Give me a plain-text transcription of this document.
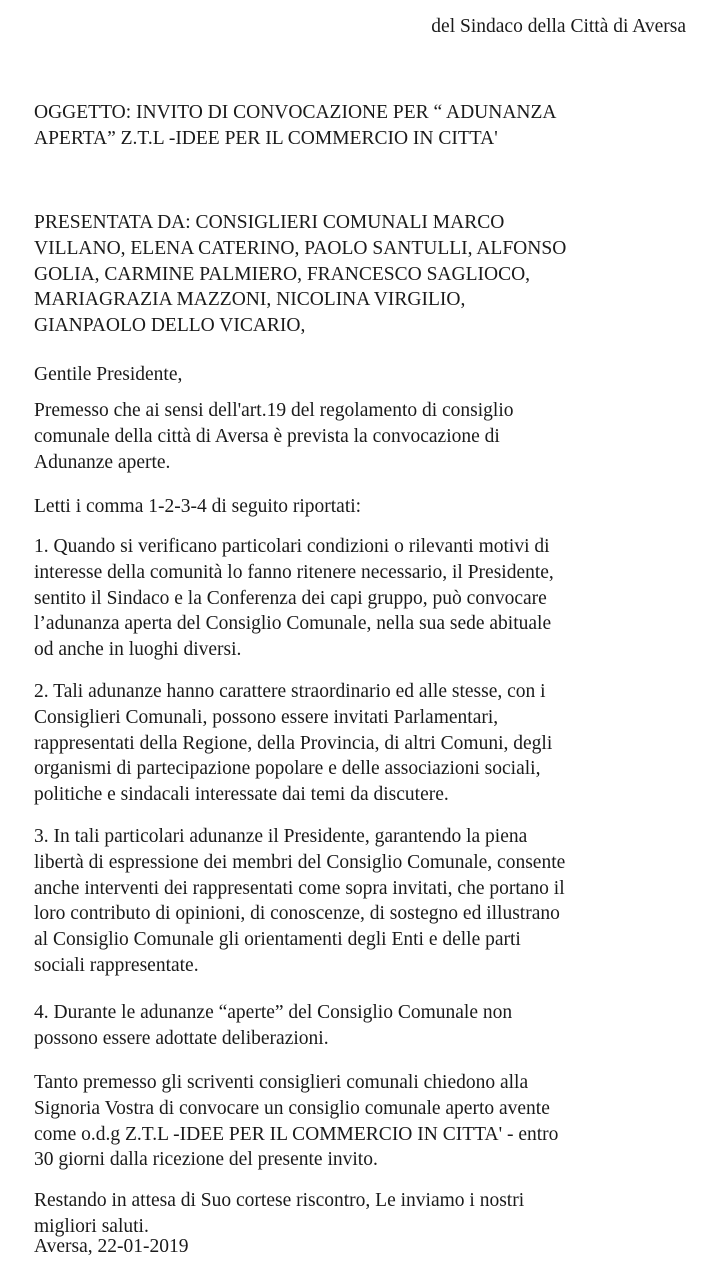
del Sindaco della Città di Aversa
OGGETTO: INVITO DI CONVOCAZIONE PER “ ADUNANZA
APERTA” Z.T.L -IDEE PER IL COMMERCIO IN CITTA'
PRESENTATA DA: CONSIGLIERI COMUNALI MARCO
VILLANO, ELENA CATERINO, PAOLO SANTULLI, ALFONSO
GOLIA, CARMINE PALMIERO, FRANCESCO SAGLIOCO,
MARIAGRAZIA MAZZONI, NICOLINA VIRGILIO,
GIANPAOLO DELLO VICARIO,
Gentile Presidente,
Premesso che ai sensi dell'art.19 del regolamento di consiglio
comunale della città di Aversa è prevista la convocazione di
Adunanze aperte.
Letti i comma 1-2-3-4 di seguito riportati:
1. Quando si verificano particolari condizioni o rilevanti motivi di
interesse della comunità lo fanno ritenere necessario, il Presidente,
sentito il Sindaco e la Conferenza dei capi gruppo, può convocare
l’adunanza aperta del Consiglio Comunale, nella sua sede abituale
od anche in luoghi diversi.
2. Tali adunanze hanno carattere straordinario ed alle stesse, con i
Consiglieri Comunali, possono essere invitati Parlamentari,
rappresentati della Regione, della Provincia, di altri Comuni, degli
organismi di partecipazione popolare e delle associazioni sociali,
politiche e sindacali interessate dai temi da discutere.
3. In tali particolari adunanze il Presidente, garantendo la piena
libertà di espressione dei membri del Consiglio Comunale, consente
anche interventi dei rappresentati come sopra invitati, che portano il
loro contributo di opinioni, di conoscenze, di sostegno ed illustrano
al Consiglio Comunale gli orientamenti degli Enti e delle parti
sociali rappresentate.
4. Durante le adunanze “aperte” del Consiglio Comunale non
possono essere adottate deliberazioni.
Tanto premesso gli scriventi consiglieri comunali chiedono alla
Signoria Vostra di convocare un consiglio comunale aperto avente
come o.d.g Z.T.L -IDEE PER IL COMMERCIO IN CITTA' - entro
30 giorni dalla ricezione del presente invito.
Restando in attesa di Suo cortese riscontro, Le inviamo i nostri
migliori saluti.
Aversa, 22-01-2019
